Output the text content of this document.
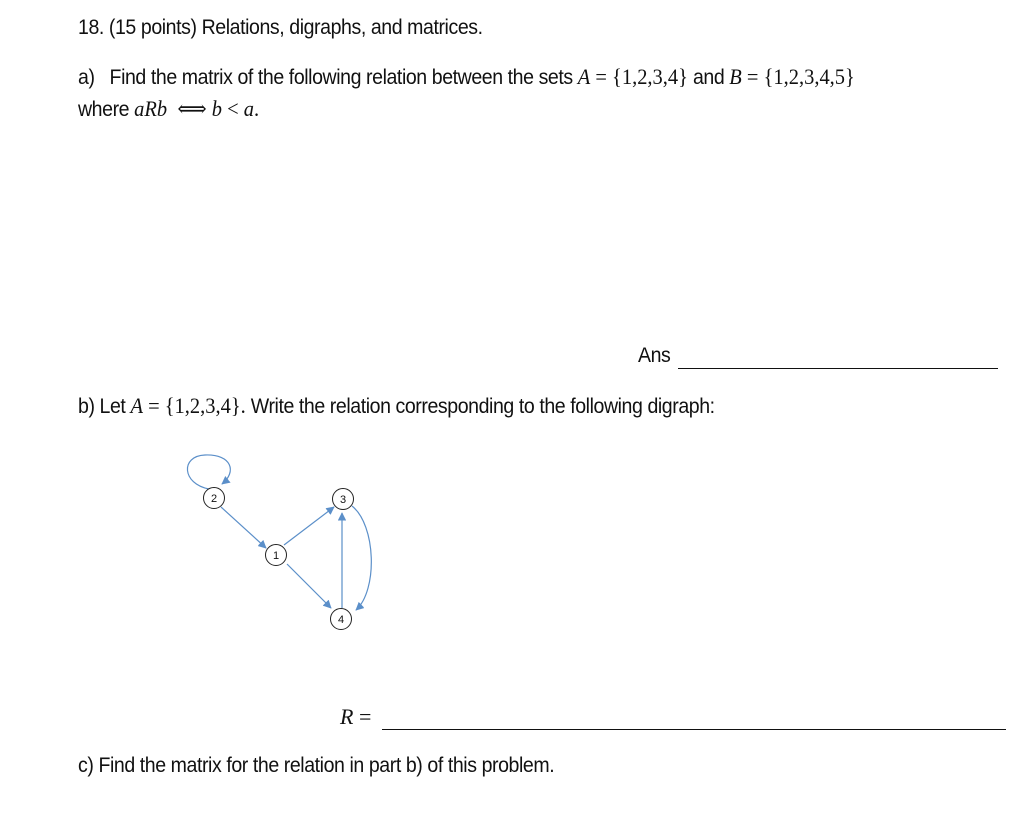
18. (15 points) Relations, digraphs, and matrices.
a) Find the matrix of the following relation between the sets A = {1,2,3,4} and B = {1,2,3,4,5}
where aRb ⟺ b < a.
Ans
b) Let A = {1,2,3,4}. Write the relation corresponding to the following digraph:
2	3
1
4
R =
c) Find the matrix for the relation in part b) of this problem.
